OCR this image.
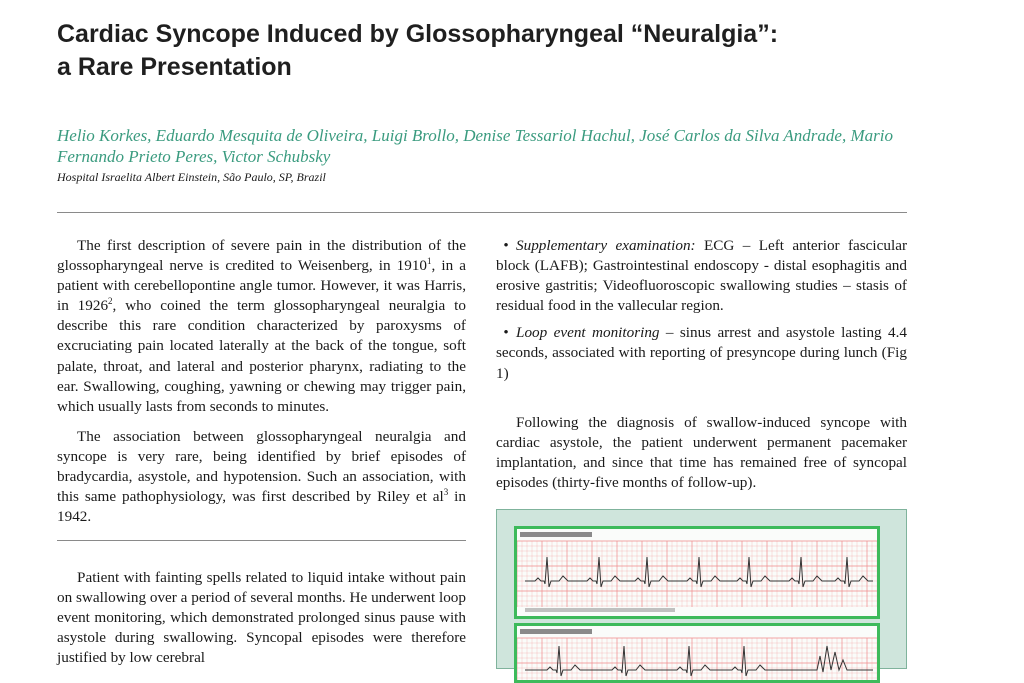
Cardiac Syncope Induced by Glossopharyngeal “Neuralgia”:
a Rare Presentation

Helio Korkes, Eduardo Mesquita de Oliveira, Luigi Brollo, Denise Tessariol Hachul, José Carlos da Silva Andrade, Mario Fernando Prieto Peres, Victor Schubsky

Hospital Israelita Albert Einstein, São Paulo, SP, Brazil

The first description of severe pain in the distribution of the glossopharyngeal nerve is credited to Weisenberg, in 1910$^1$, in a patient with cerebellopontine angle tumor. However, it was Harris, in 1926$^2$, who coined the term glossopharyngeal neuralgia to describe this rare condition characterized by paroxysms of excruciating pain located laterally at the back of the tongue, soft palate, throat, and lateral and posterior pharynx, radiating to the ear. Swallowing, coughing, yawning or chewing may trigger pain, which usually lasts from seconds to minutes.

The association between glossopharyngeal neuralgia and syncope is very rare, being identified by brief episodes of bradycardia, asystole, and hypotension. Such an association, with this same pathophysiology, was first described by Riley et $al^3$ in 1942.

Patient with fainting spells related to liquid intake without pain on swallowing over a period of several months. He underwent loop event monitoring, which demonstrated prolonged sinus pause with asystole during swallowing. Syncopal episodes were therefore justified by low cerebral

• Supplementary examination: ECG – Left anterior fascicular block (LAFB); Gastrointestinal endoscopy - distal esophagitis and erosive gastritis; Videofluoroscopic swallowing studies – stasis of residual food in the vallecular region.
• Loop event monitoring – sinus arrest and asystole lasting 4.4 seconds, associated with reporting of presyncope during lunch (Fig 1)

Following the diagnosis of swallow-induced syncope with cardiac asystole, the patient underwent permanent pacemaker implantation, and since that time has remained free of syncopal episodes (thirty-five months of follow-up).
